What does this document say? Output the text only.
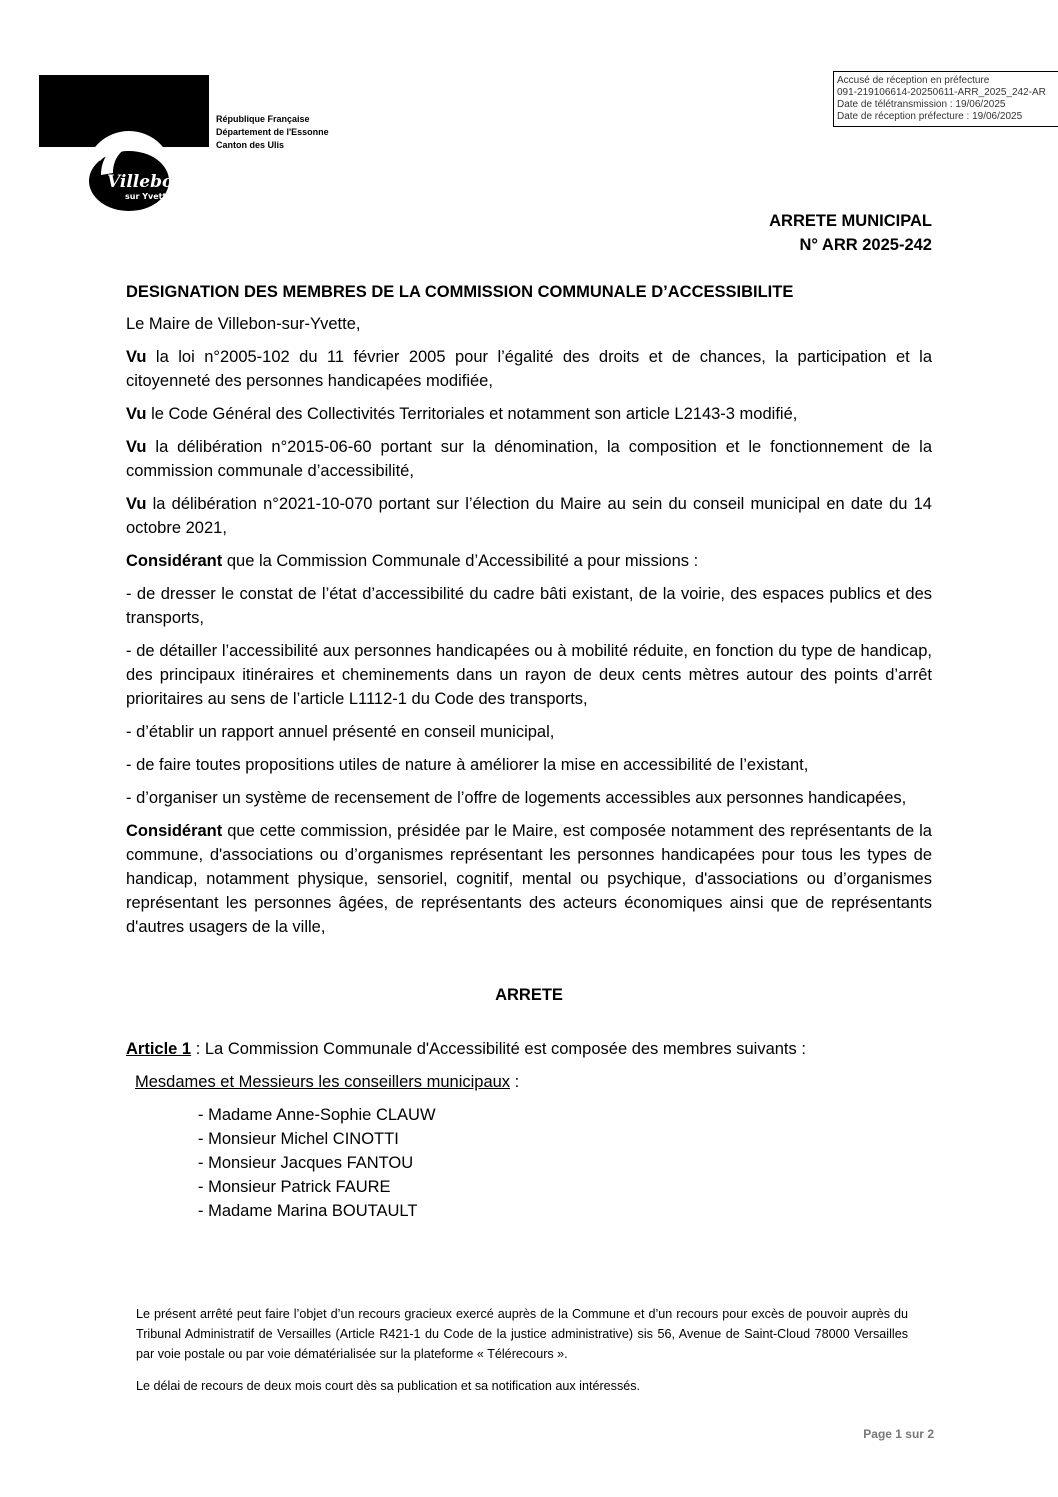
Villebon
sur Yvette
République Française
Département de l'Essonne
Canton des Ulis
Accusé de réception en préfecture
091-219106614-20250611-ARR_2025_242-AR
Date de télétransmission : 19/06/2025
Date de réception préfecture : 19/06/2025
ARRETE MUNICIPAL
N° ARR 2025-242

DESIGNATION DES MEMBRES DE LA COMMISSION COMMUNALE D’ACCESSIBILITE

Le Maire de Villebon-sur-Yvette,

Vu la loi n°2005-102 du 11 février 2005 pour l’égalité des droits et de chances, la participation et la citoyenneté des personnes handicapées modifiée,

Vu le Code Général des Collectivités Territoriales et notamment son article L2143-3 modifié,

Vu la délibération n°2015-06-60 portant sur la dénomination, la composition et le fonctionnement de la commission communale d’accessibilité,

Vu la délibération n°2021-10-070 portant sur l’élection du Maire au sein du conseil municipal en date du 14 octobre 2021,

Considérant que la Commission Communale d’Accessibilité a pour missions :

- de dresser le constat de l’état d’accessibilité du cadre bâti existant, de la voirie, des espaces publics et des transports,

- de détailler l’accessibilité aux personnes handicapées ou à mobilité réduite, en fonction du type de handicap, des principaux itinéraires et cheminements dans un rayon de deux cents mètres autour des points d’arrêt prioritaires au sens de l’article L1112-1 du Code des transports,

- d’établir un rapport annuel présenté en conseil municipal,

- de faire toutes propositions utiles de nature à améliorer la mise en accessibilité de l’existant,

- d’organiser un système de recensement de l’offre de logements accessibles aux personnes handicapées,

Considérant que cette commission, présidée par le Maire, est composée notamment des représentants de la commune, d'associations ou d’organismes représentant les personnes handicapées pour tous les types de handicap, notamment physique, sensoriel, cognitif, mental ou psychique, d'associations ou d’organismes représentant les personnes âgées, de représentants des acteurs économiques ainsi que de représentants d'autres usagers de la ville,

ARRETE

Article 1 : La Commission Communale d'Accessibilité est composée des membres suivants :

Mesdames et Messieurs les conseillers municipaux :

- Madame Anne-Sophie CLAUW
- Monsieur Michel CINOTTI
- Monsieur Jacques FANTOU
- Monsieur Patrick FAURE
- Madame Marina BOUTAULT

Le présent arrêté peut faire l’objet d’un recours gracieux exercé auprès de la Commune et d’un recours pour excès de pouvoir auprès du Tribunal Administratif de Versailles (Article R421-1 du Code de la justice administrative) sis 56, Avenue de Saint-Cloud 78000 Versailles par voie postale ou par voie dématérialisée sur la plateforme « Télérecours ».

Le délai de recours de deux mois court dès sa publication et sa notification aux intéressés.

Page 1 sur 2
